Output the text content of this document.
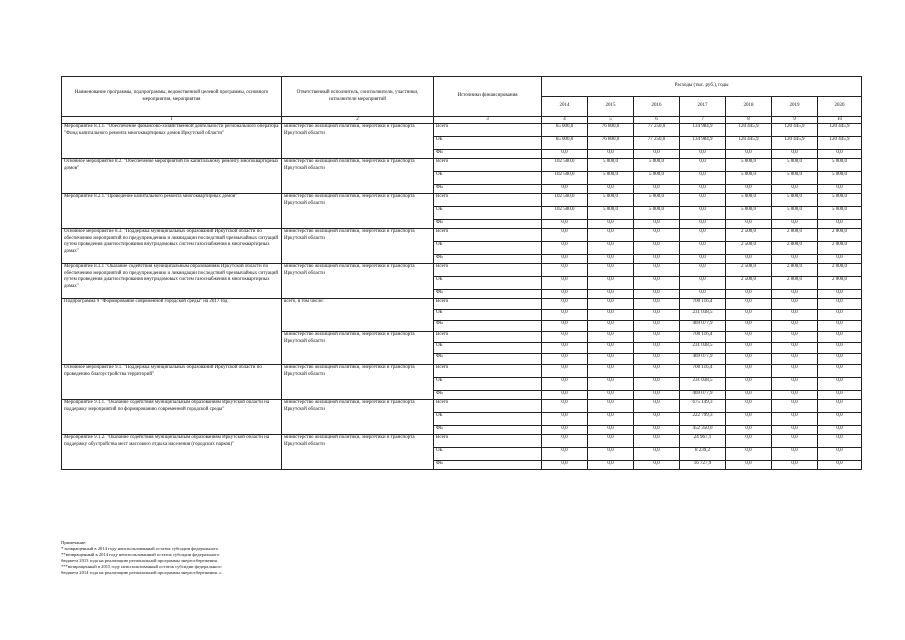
Наименование программы, подпрограммы, ведомственной целевой программы, основного мероприятия, мероприятия	Ответственный исполнитель, соисполнители, участники, исполнители мероприятий	Источники финансирования	Расходы (тыс. руб.), годы						
			2014	2015	2016	2017	2018	2019	2020
1	2	3	4	5	6	7	8	9	10
Мероприятие 8.1.1. "Обеспечение финансово-хозяйственной деятельности регионального оператора "Фонд капитального ремонта многоквартирных домов Иркутской области"	министерство жилищной политики, энергетики и транспорта Иркутской области	Всего	65 000,0	76 800,0	77 250,0	134 984,9	120 445,9	120 445,9	120 445,9
		ОБ	65 000,0	76 800,0	77 250,0	134 984,9	120 445,9	120 445,9	120 445,9
		ФБ	0,0	0,0	0,0	0,0	0,0	0,0	0,0
Основное мероприятие 8.2. "Обеспечение мероприятий по капитальному ремонту многоквартирных домов"	министерство жилищной политики, энергетики и транспорта Иркутской области	Всего	102 500,0	5 000,0	5 000,0	0,0	5 000,0	5 000,0	5 000,0
		ОБ	102 500,0	5 000,0	5 000,0	0,0	5 000,0	5 000,0	5 000,0
		ФБ	0,0	0,0	0,0	0,0	0,0	0,0	0,0
Мероприятие 8.2.1."Проведение капитального ремонта многоквартирных домов"	министерство жилищной политики, энергетики и транспорта Иркутской области	Всего	102 500,0	5 000,0	5 000,0	0,0	5 000,0	5 000,0	5 000,0
		ОБ	102 500,0	5 000,0	5 000,0	0,0	5 000,0	5 000,0	5 000,0
		ФБ	0,0	0,0	0,0	0,0	0,0	0,0	0,0
Основное мероприятие 8.3. "Поддержка муниципальных образований Иркутской области по обеспечению мероприятий по предупреждению и ликвидации последствий чрезвычайных ситуаций путем проведения диагностирования внутридомовых систем газоснабжения в многоквартирных домах"	министерство жилищной политики, энергетики и транспорта Иркутской области	Всего	0,0	0,0	0,0	0,0	2 500,0	2 000,0	2 000,0
		ОБ	0,0	0,0	0,0	0,0	2 500,0	2 000,0	2 000,0
		ФБ	0,0	0,0	0,0	0,0	0,0	0,0	0,0
Мероприятие 8.3.1 "Оказание содействия муниципальным образованиям Иркутской области по обеспечению мероприятий по предупреждению и ликвидации последствий чрезвычайных ситуаций путем проведения диагностирования внутридомовых систем газоснабжения в многоквартирных домах"	министерство жилищной политики, энергетики и транспорта Иркутской области	Всего	0,0	0,0	0,0	0,0	2 500,0	2 000,0	2 000,0
		ОБ	0,0	0,0	0,0	0,0	2 500,0	2 000,0	2 000,0
		ФБ	0,0	0,0	0,0	0,0	0,0	0,0	0,0
Подпрограмма 9 "Формирование современной городской среды" на 2017 год	всего, в том числе:	Всего	0,0	0,0	0,0	700 116,4	0,0	0,0	0,0
		ОБ	0,0	0,0	0,0	231 038,5	0,0	0,0	0,0
		ФБ	0,0	0,0	0,0	469 077,9	0,0	0,0	0,0
	министерство жилищной политики, энергетики и транспорта Иркутской области	Всего	0,0	0,0	0,0	700 116,4	0,0	0,0	0,0
		ОБ	0,0	0,0	0,0	231 038,5	0,0	0,0	0,0
		ФБ	0,0	0,0	0,0	469 077,9	0,0	0,0	0,0
Основное мероприятие 9.1. "Поддержка муниципальных образований Иркутской области по проведению благоустройства территорий"	министерство жилищной политики, энергетики и транспорта Иркутской области	Всего	0,0	0,0	0,0	700 116,4	0,0	0,0	0,0
		ОБ	0,0	0,0	0,0	231 038,5	0,0	0,0	0,0
		ФБ	0,0	0,0	0,0	469 077,9	0,0	0,0	0,0
Мероприятие 9.1.1. "Оказание содействия муниципальным образованиям Иркутской области на поддержку мероприятий по формированию современной городской среды"	министерство жилищной политики, энергетики и транспорта Иркутской области	Всего	0,0	0,0	0,0	675 149,3	0,0	0,0	0,0
		ОБ	0,0	0,0	0,0	222 799,3	0,0	0,0	0,0
		ФБ	0,0	0,0	0,0	452 350,0	0,0	0,0	0,0
Мероприятие 9.1.2. "Оказание содействия муниципальным образованиям Иркутской области на поддержку обустройства мест массового отдыха населения (городских парков)"	министерство жилищной политики, энергетики и транспорта Иркутской области	Всего	0,0	0,0	0,0	24 967,1	0,0	0,0	0,0
		ОБ	0,0	0,0	0,0	8 239,2	0,0	0,0	0,0
		ФБ	0,0	0,0	0,0	16 727,9	0,0	0,0	0,0
Примечание:
* возвращенный в 2014 году неиспользованный остаток субсидии федерального
**возвращенный в 2014 году неиспользованный остаток субсидии федерального
бюджета 2013 года на реализацию региональной программы энергосбережения.
***возвращенный в 2015 году неиспользованный остаток субсидии федерального
бюджета 2014 года на реализацию региональной программы энергосбережения. ».
